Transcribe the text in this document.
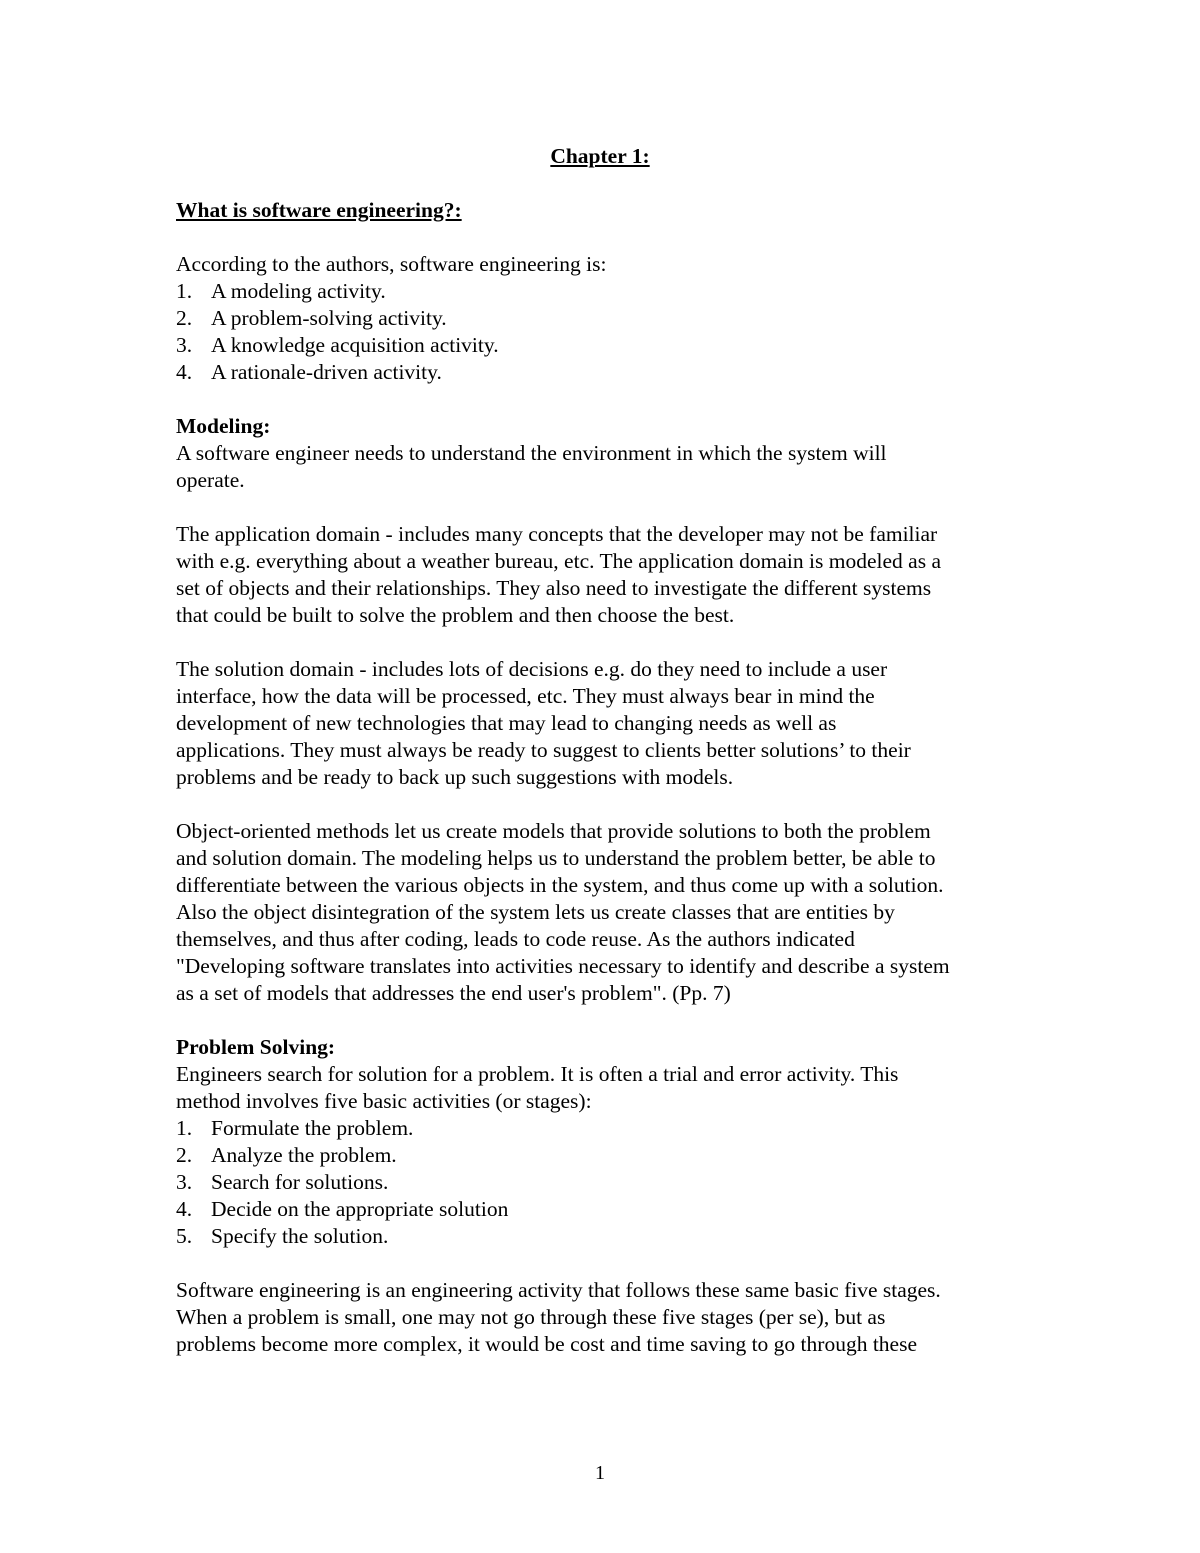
Chapter 1:
What is software engineering?:
According to the authors, software engineering is:
1. A modeling activity.
2. A problem-solving activity.
3. A knowledge acquisition activity.
4. A rationale-driven activity.
Modeling:
A software engineer needs to understand the environment in which the system will
operate.
The application domain - includes many concepts that the developer may not be familiar
with e.g. everything about a weather bureau, etc. The application domain is modeled as a
set of objects and their relationships. They also need to investigate the different systems
that could be built to solve the problem and then choose the best.
The solution domain - includes lots of decisions e.g. do they need to include a user
interface, how the data will be processed, etc. They must always bear in mind the
development of new technologies that may lead to changing needs as well as
applications. They must always be ready to suggest to clients better solutions’ to their
problems and be ready to back up such suggestions with models.
Object-oriented methods let us create models that provide solutions to both the problem
and solution domain. The modeling helps us to understand the problem better, be able to
differentiate between the various objects in the system, and thus come up with a solution.
Also the object disintegration of the system lets us create classes that are entities by
themselves, and thus after coding, leads to code reuse. As the authors indicated
"Developing software translates into activities necessary to identify and describe a system
as a set of models that addresses the end user's problem". (Pp. 7)
Problem Solving:
Engineers search for solution for a problem. It is often a trial and error activity. This
method involves five basic activities (or stages):
1. Formulate the problem.
2. Analyze the problem.
3. Search for solutions.
4. Decide on the appropriate solution
5. Specify the solution.
Software engineering is an engineering activity that follows these same basic five stages.
When a problem is small, one may not go through these five stages (per se), but as
problems become more complex, it would be cost and time saving to go through these
1
